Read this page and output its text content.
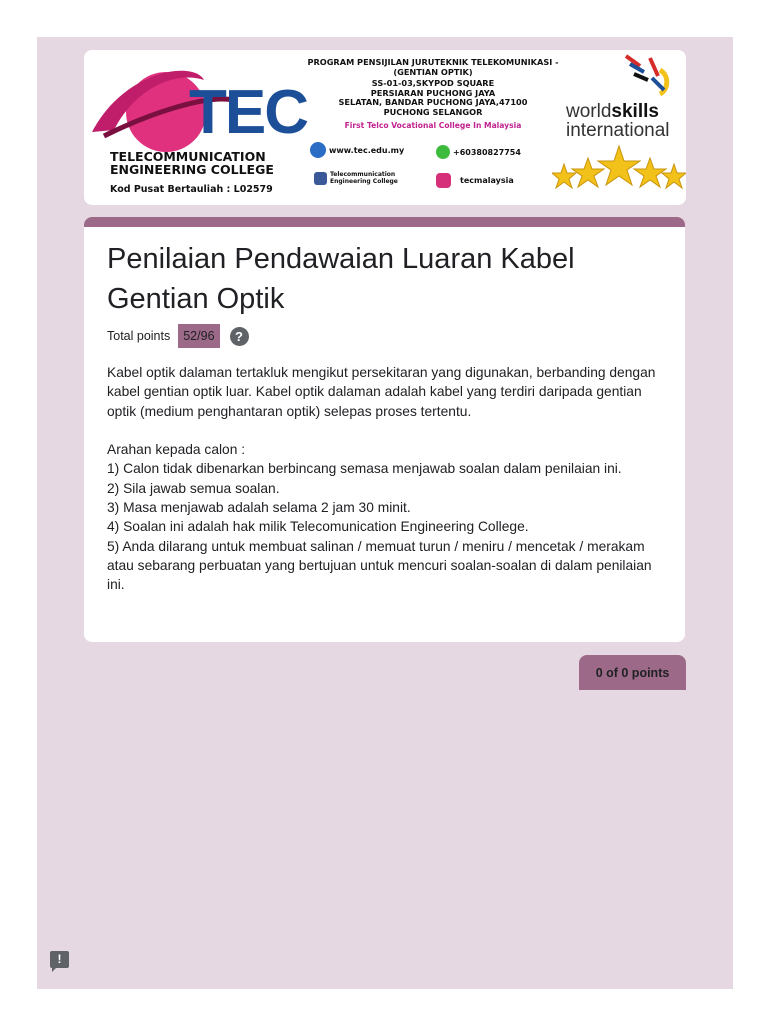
TEC
TELECOMMUNICATION
ENGINEERING COLLEGE
Kod Pusat Bertauliah : L02579
PROGRAM PENSIJILAN JURUTEKNIK TELEKOMUNIKASI -
(GENTIAN OPTIK)
SS-01-03,SKYPOD SQUARE
PERSIARAN PUCHONG JAYA
SELATAN, BANDAR PUCHONG JAYA,47100
PUCHONG SELANGOR
First Telco Vocational College In Malaysia
www.tec.edu.my	+60380827754
Telecommunication
Engineering College	tecmalaysia
worldskills
international
Penilaian Pendawaian Luaran Kabel Gentian Optik
Total points	52/96	?
Kabel optik dalaman tertakluk mengikut persekitaran yang digunakan, berbanding dengan kabel gentian optik luar. Kabel optik dalaman adalah kabel yang terdiri daripada gentian optik (medium penghantaran optik) selepas proses tertentu.

Arahan kepada calon :
1) Calon tidak dibenarkan berbincang semasa menjawab soalan dalam penilaian ini.
2) Sila jawab semua soalan.
3) Masa menjawab adalah selama 2 jam 30 minit.
4) Soalan ini adalah hak milik Telecomunication Engineering College.
5) Anda dilarang untuk membuat salinan / memuat turun / meniru / mencetak / merakam atau sebarang perbuatan yang bertujuan untuk mencuri soalan-soalan di dalam penilaian ini.
0 of 0 points
!
